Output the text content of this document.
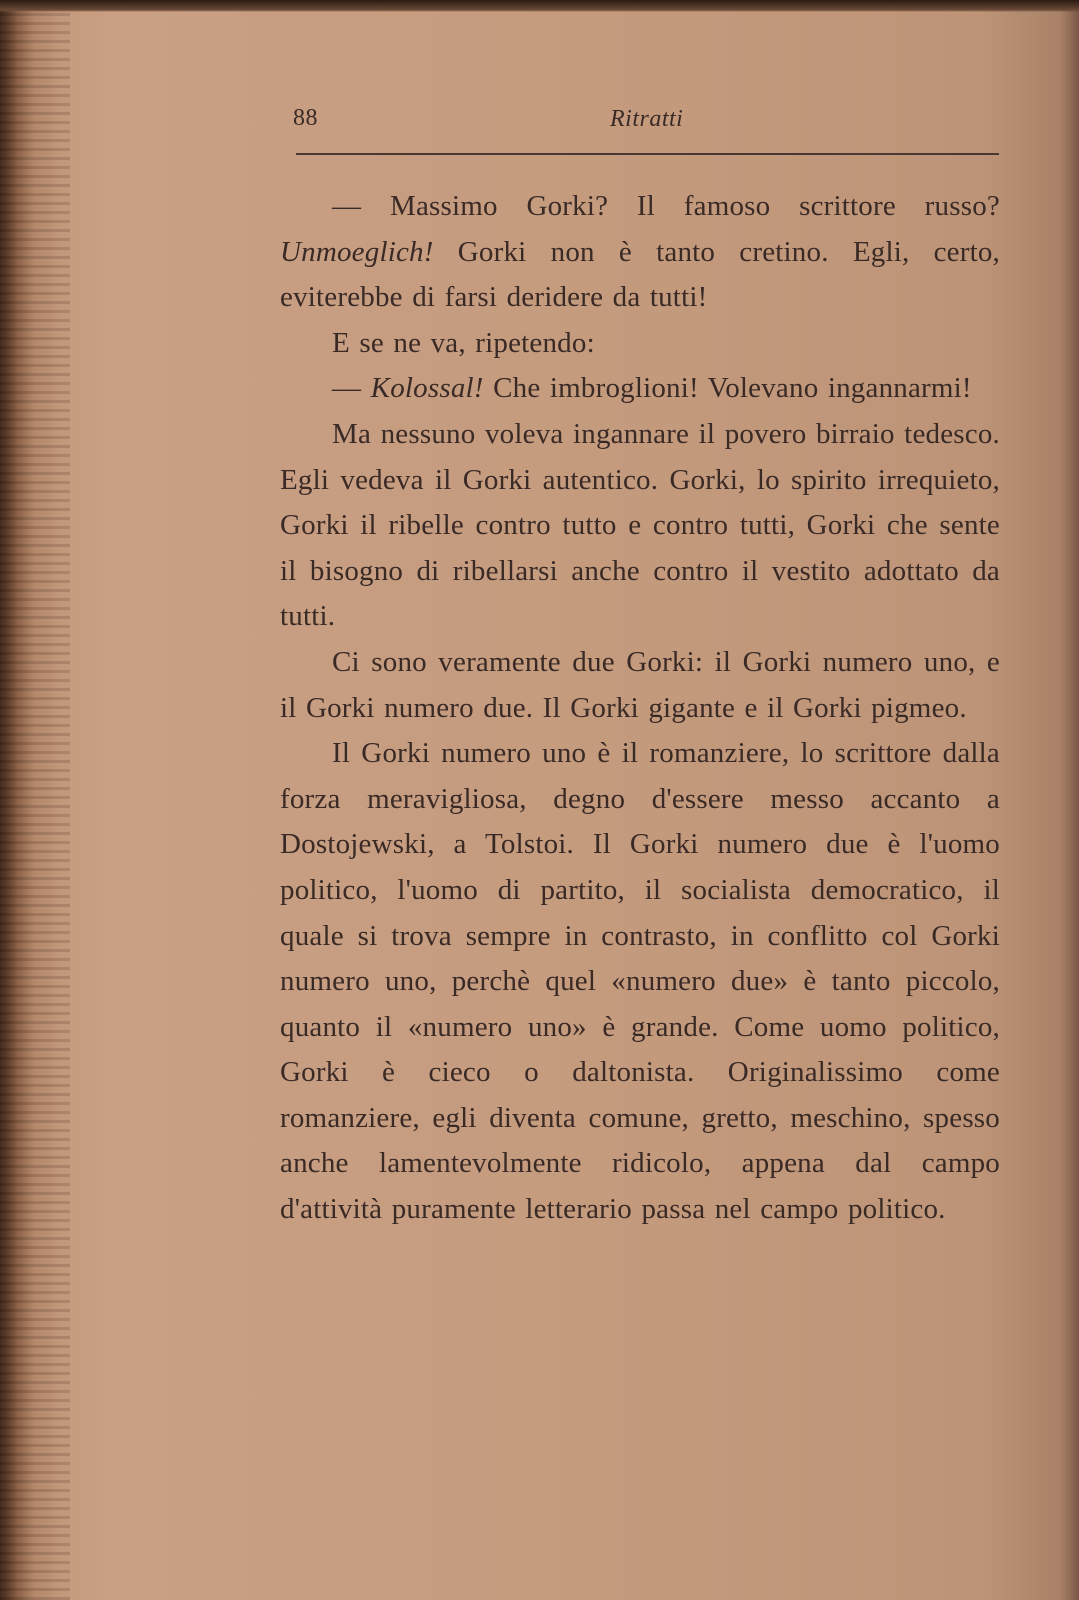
88	Ritratti

— Massimo Gorki? Il famoso scrittore russo? Unmoeglich! Gorki non è tanto cretino. Egli, certo, eviterebbe di farsi deridere da tutti!

E se ne va, ripetendo:

— Kolossal! Che imbroglioni! Volevano ingannarmi!

Ma nessuno voleva ingannare il povero birraio tedesco. Egli vedeva il Gorki autentico. Gorki, lo spirito irrequieto, Gorki il ribelle contro tutto e contro tutti, Gorki che sente il bisogno di ribellarsi anche contro il vestito adottato da tutti.

Ci sono veramente due Gorki: il Gorki numero uno, e il Gorki numero due. Il Gorki gigante e il Gorki pigmeo.

Il Gorki numero uno è il romanziere, lo scrittore dalla forza meravigliosa, degno d'essere messo accanto a Dostojewski, a Tolstoi. Il Gorki numero due è l'uomo politico, l'uomo di partito, il socialista democratico, il quale si trova sempre in contrasto, in conflitto col Gorki numero uno, perchè quel «numero due» è tanto piccolo, quanto il «numero uno» è grande. Come uomo politico, Gorki è cieco o daltonista. Originalissimo come romanziere, egli diventa comune, gretto, meschino, spesso anche lamentevolmente ridicolo, appena dal campo d'attività puramente letterario passa nel campo politico.
